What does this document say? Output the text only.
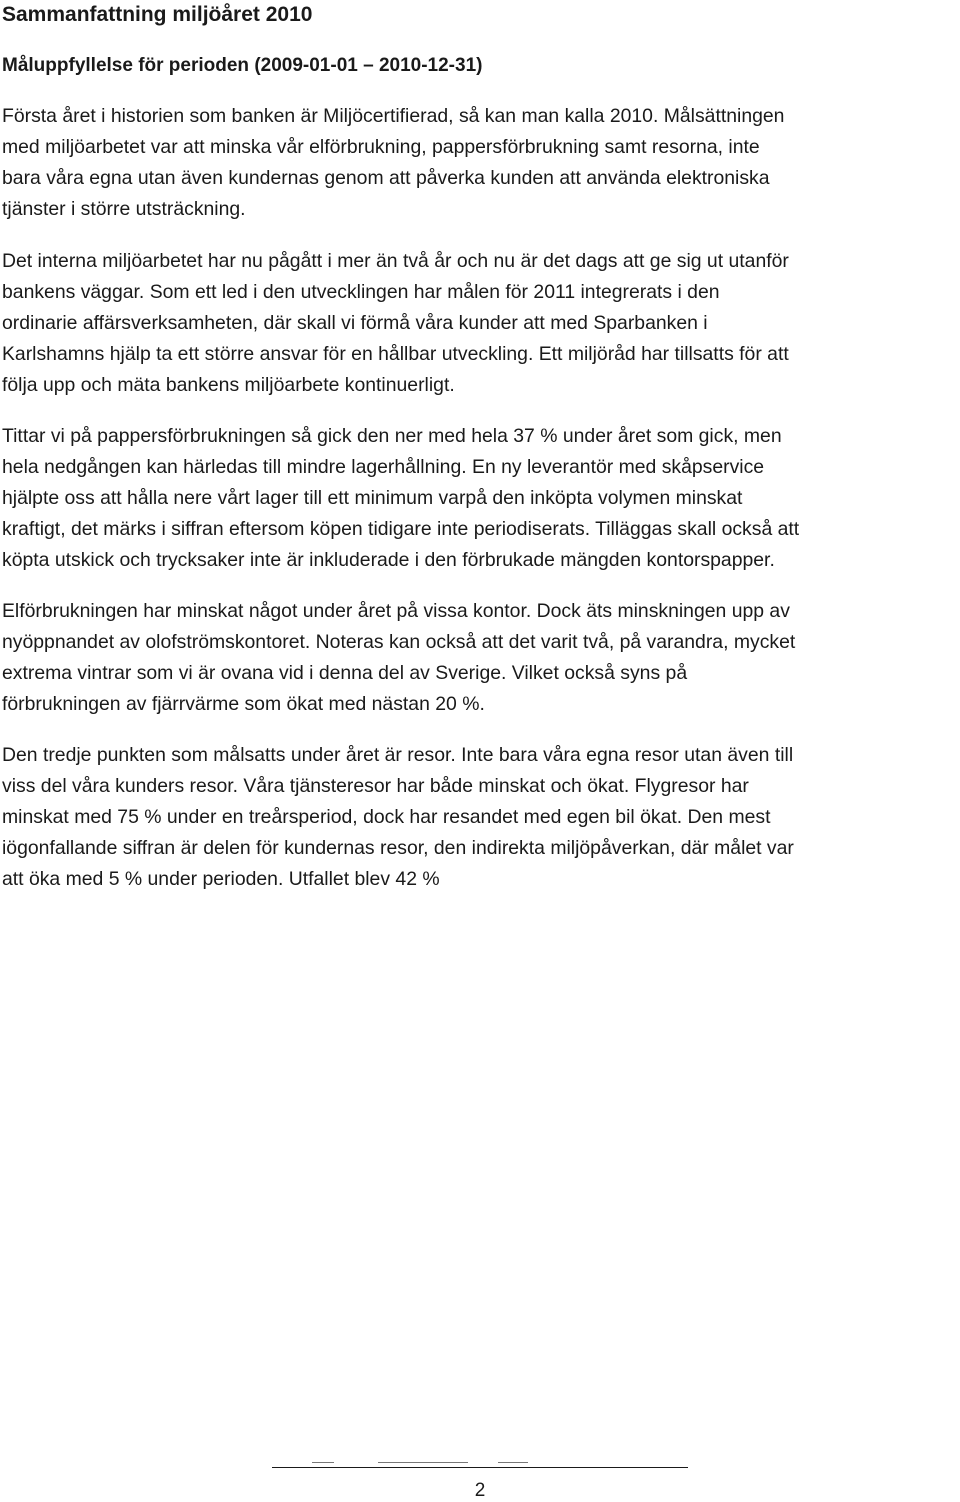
Sammanfattning miljöåret 2010
Måluppfyllelse för perioden (2009-01-01 – 2010-12-31)

Första året i historien som banken är Miljöcertifierad, så kan man kalla 2010. Målsättningen
med miljöarbetet var att minska vår elförbrukning, pappersförbrukning samt resorna, inte
bara våra egna utan även kundernas genom att påverka kunden att använda elektroniska
tjänster i större utsträckning.

Det interna miljöarbetet har nu pågått i mer än två år och nu är det dags att ge sig ut utanför
bankens väggar. Som ett led i den utvecklingen har målen för 2011 integrerats i den
ordinarie affärsverksamheten, där skall vi förmå våra kunder att med Sparbanken i
Karlshamns hjälp ta ett större ansvar för en hållbar utveckling. Ett miljöråd har tillsatts för att
följa upp och mäta bankens miljöarbete kontinuerligt.

Tittar vi på pappersförbrukningen så gick den ner med hela 37 % under året som gick, men
hela nedgången kan härledas till mindre lagerhållning. En ny leverantör med skåpservice
hjälpte oss att hålla nere vårt lager till ett minimum varpå den inköpta volymen minskat
kraftigt, det märks i siffran eftersom köpen tidigare inte periodiserats. Tilläggas skall också att
köpta utskick och trycksaker inte är inkluderade i den förbrukade mängden kontorspapper.

Elförbrukningen har minskat något under året på vissa kontor. Dock äts minskningen upp av
nyöppnandet av olofströmskontoret. Noteras kan också att det varit två, på varandra, mycket
extrema vintrar som vi är ovana vid i denna del av Sverige. Vilket också syns på
förbrukningen av fjärrvärme som ökat med nästan 20 %.

Den tredje punkten som målsatts under året är resor. Inte bara våra egna resor utan även till
viss del våra kunders resor. Våra tjänsteresor har både minskat och ökat. Flygresor har
minskat med 75 % under en treårsperiod, dock har resandet med egen bil ökat. Den mest
iögonfallande siffran är delen för kundernas resor, den indirekta miljöpåverkan, där målet var
att öka med 5 % under perioden. Utfallet blev 42 %

2
